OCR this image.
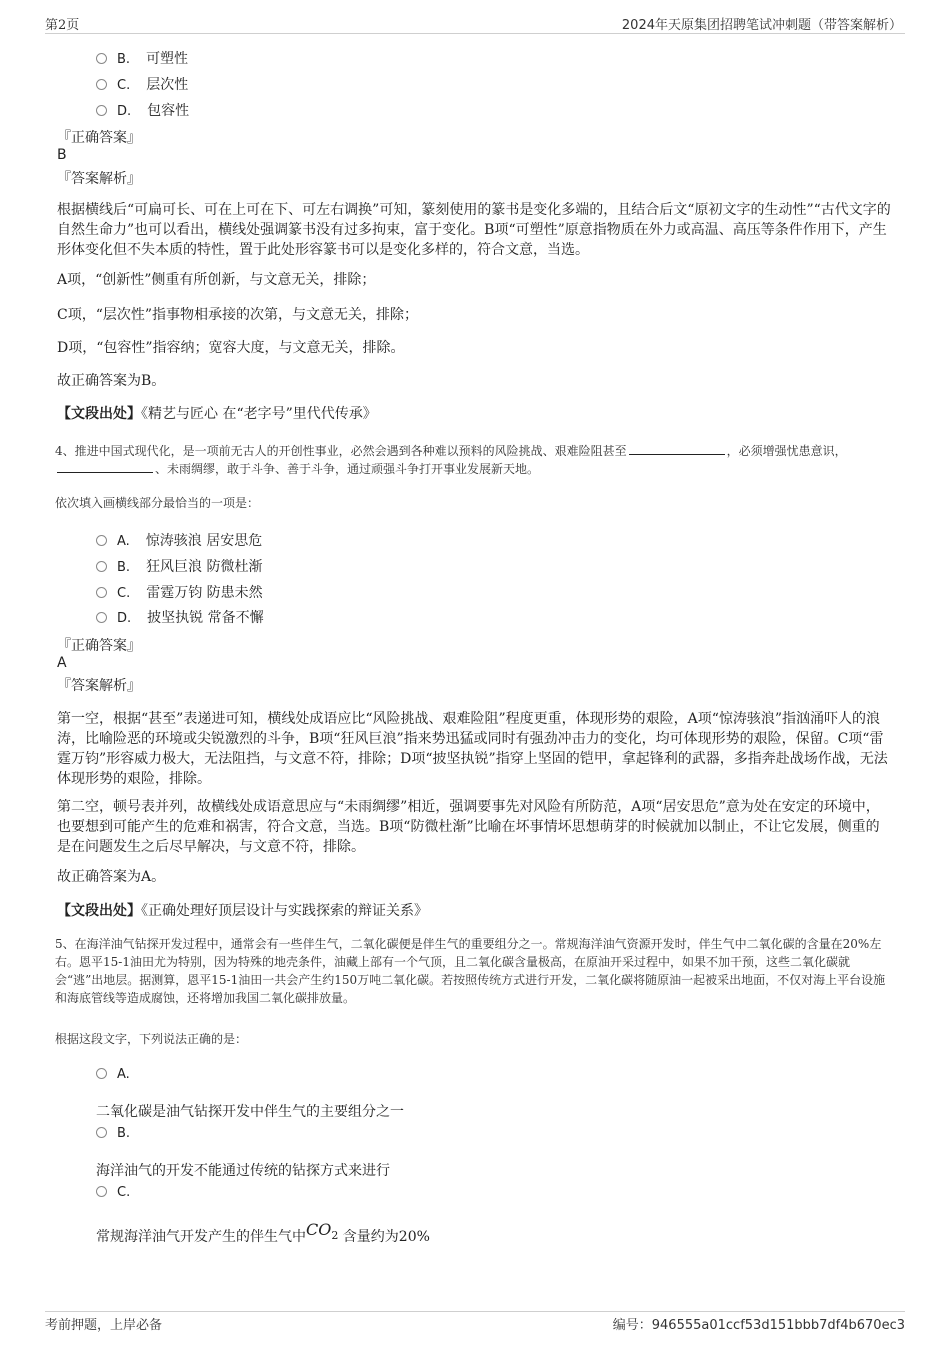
第2页	2024年天原集团招聘笔试冲刺题（带答案解析）
B. 可塑性
C. 层次性
D. 包容性
『正确答案』
B
『答案解析』
根据横线后“可扁可长、可在上可在下、可左右调换”可知，篆刻使用的篆书是变化多端的，且结合后文“原初文字的生动性”“古代文字的自然生命力”也可以看出，横线处强调篆书没有过多拘束，富于变化。B项“可塑性”原意指物质在外力或高温、高压等条件作用下，产生形体变化但不失本质的特性，置于此处形容篆书可以是变化多样的，符合文意，当选。
A项，“创新性”侧重有所创新，与文意无关，排除；
C项，“层次性”指事物相承接的次第，与文意无关，排除；
D项，“包容性”指容纳；宽容大度，与文意无关，排除。
故正确答案为B。
【文段出处】《精艺与匠心 在“老字号”里代代传承》
4、推进中国式现代化，是一项前无古人的开创性事业，必然会遇到各种难以预料的风险挑战、艰难险阻甚至	，必须增强忧患意识，、未雨绸缪，敢于斗争、善于斗争，通过顽强斗争打开事业发展新天地。
依次填入画横线部分最恰当的一项是：
A. 惊涛骇浪 居安思危
B. 狂风巨浪 防微杜渐
C. 雷霆万钧 防患未然
D. 披坚执锐 常备不懈
『正确答案』
A
『答案解析』
第一空，根据“甚至”表递进可知，横线处成语应比“风险挑战、艰难险阻”程度更重，体现形势的艰险，A项“惊涛骇浪”指汹涌吓人的浪涛，比喻险恶的环境或尖锐激烈的斗争，B项“狂风巨浪”指来势迅猛或同时有强劲冲击力的变化，均可体现形势的艰险，保留。C项“雷霆万钧”形容威力极大，无法阻挡，与文意不符，排除；D项“披坚执锐”指穿上坚固的铠甲，拿起锋利的武器，多指奔赴战场作战，无法体现形势的艰险，排除。
第二空，顿号表并列，故横线处成语意思应与“未雨绸缪”相近，强调要事先对风险有所防范，A项“居安思危”意为处在安定的环境中，也要想到可能产生的危难和祸害，符合文意，当选。B项“防微杜渐”比喻在坏事情坏思想萌芽的时候就加以制止，不让它发展，侧重的是在问题发生之后尽早解决，与文意不符，排除。
故正确答案为A。
【文段出处】《正确处理好顶层设计与实践探索的辩证关系》
5、在海洋油气钻探开发过程中，通常会有一些伴生气，二氧化碳便是伴生气的重要组分之一。常规海洋油气资源开发时，伴生气中二氧化碳的含量在20%左右。恩平15-1油田尤为特别，因为特殊的地壳条件，油藏上部有一个气顶，且二氧化碳含量极高，在原油开采过程中，如果不加干预，这些二氧化碳就会“逃”出地层。据测算，恩平15-1油田一共会产生约150万吨二氧化碳。若按照传统方式进行开发，二氧化碳将随原油一起被采出地面，不仅对海上平台设施和海底管线等造成腐蚀，还将增加我国二氧化碳排放量。
根据这段文字，下列说法正确的是：
A.
二氧化碳是油气钻探开发中伴生气的主要组分之一
B.
海洋油气的开发不能通过传统的钻探方式来进行
C.
常规海洋油气开发产生的伴生气中$CO_2$ 含量约为20%
考前押题，上岸必备	编号：946555a01ccf53d151bbb7df4b670ec3
